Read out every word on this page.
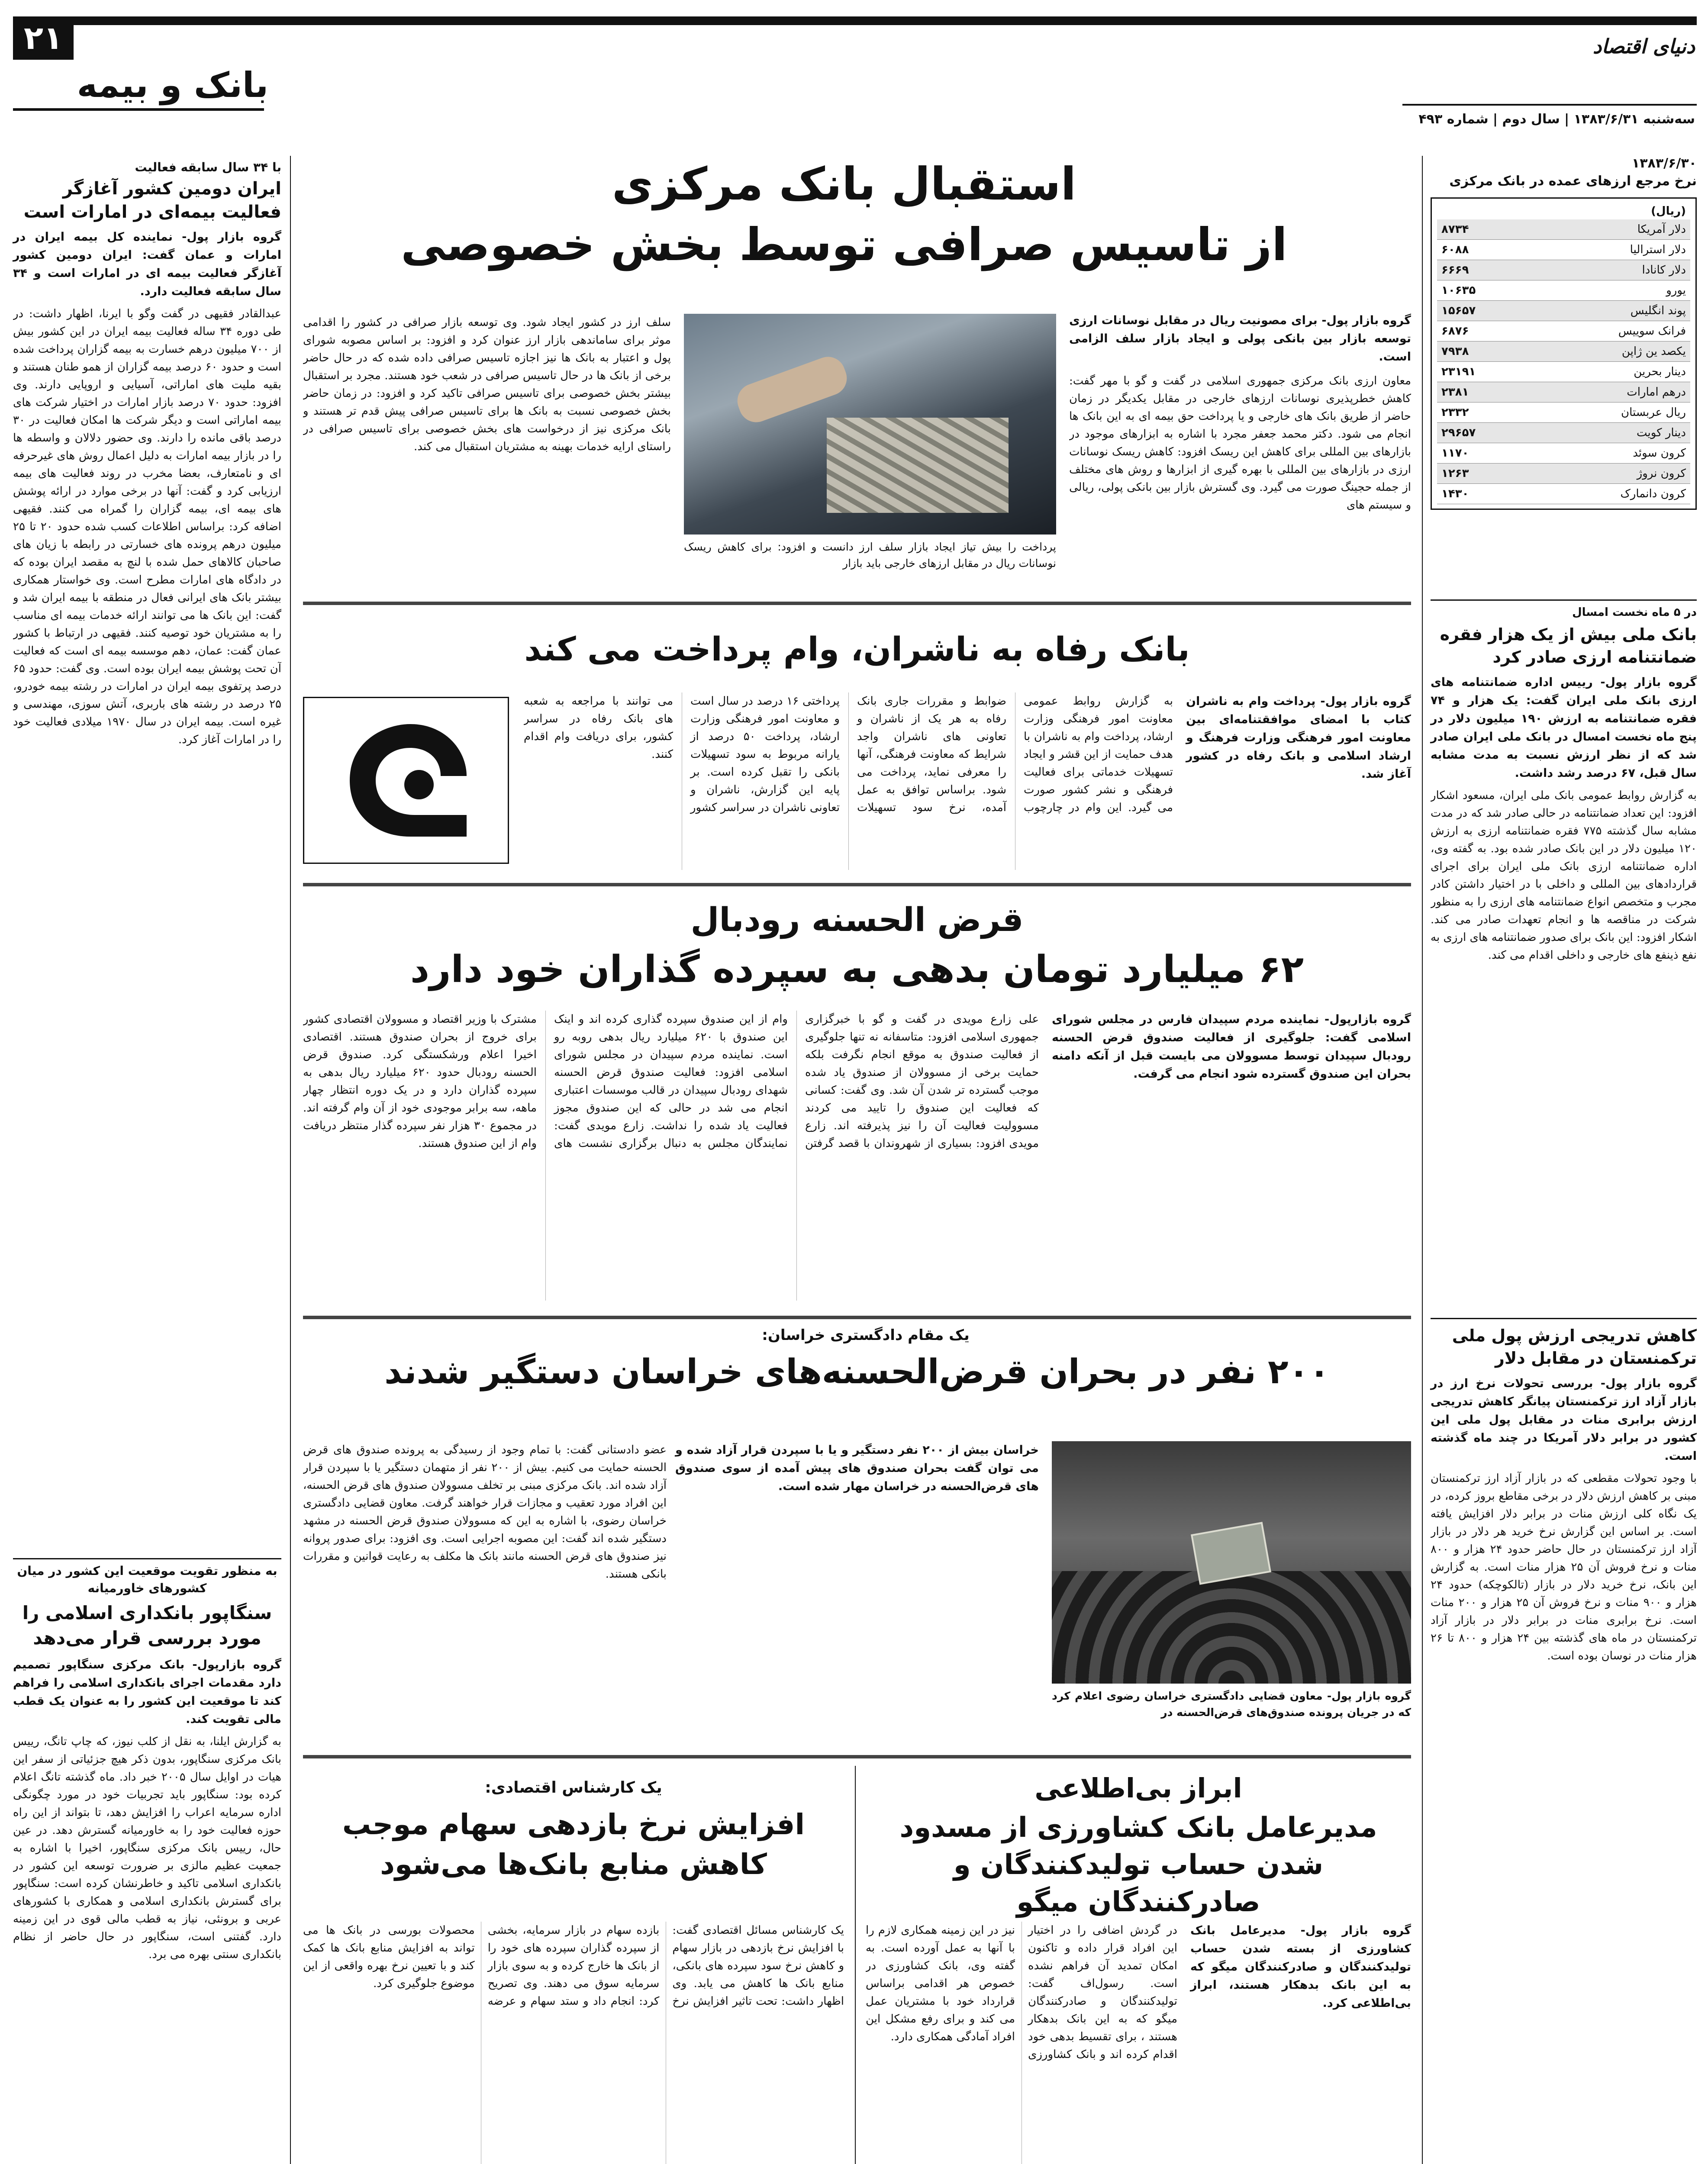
۲۱
بانک و بیمه
دنیای اقتصاد
سه‌شنبه ۱۳۸۳/۶/۳۱ | سال دوم | شماره ۴۹۳
۱۳۸۳/۶/۳۰
نرخ مرجع ارزهای عمده در بانک مرکزی
(ریال)
دلار آمریکا
۸۷۳۴
دلار استرالیا
۶۰۸۸
دلار کانادا
۶۶۶۹
یورو
۱۰۶۳۵
پوند انگلیس
۱۵۶۵۷
فرانک سوییس
۶۸۷۶
یکصد ین ژاپن
۷۹۳۸
دینار بحرین
۲۳۱۹۱
درهم امارات
۲۳۸۱
ریال عربستان
۲۳۳۲
دینار کویت
۲۹۶۵۷
کرون سوئد
۱۱۷۰
کرون نروژ
۱۲۶۳
کرون دانمارک
۱۴۳۰
در ۵ ماه نخست امسال
بانک ملی بیش از یک هزار فقره ضمانتنامه ارزی صادر کرد
گروه بازار پول- رییس اداره ضمانتنامه های ارزی بانک ملی ایران گفت: یک هزار و ۷۴ فقره ضمانتنامه به ارزش ۱۹۰ میلیون دلار در پنج ماه نخست امسال در بانک ملی ایران صادر شد که از نظر ارزش نسبت به مدت مشابه سال قبل، ۶۷ درصد رشد داشت.
به گزارش روابط عمومی بانک ملی ایران، مسعود اشکار افزود: این تعداد ضمانتنامه در حالی صادر شد که در مدت مشابه سال گذشته ۷۷۵ فقره ضمانتنامه ارزی به ارزش ۱۲۰ میلیون دلار در این بانک صادر شده بود. به گفته وی، اداره ضمانتنامه ارزی بانک ملی ایران برای اجرای قراردادهای بین المللی و داخلی با در اختیار داشتن کادر مجرب و متخصص انواع ضمانتنامه های ارزی را به منظور شرکت در مناقصه ها و انجام تعهدات صادر می کند. اشکار افزود: این بانک برای صدور ضمانتنامه های ارزی به نفع ذینفع های خارجی و داخلی اقدام می کند.
کاهش تدریجی ارزش پول ملی ترکمنستان در مقابل دلار
گروه بازار پول- بررسی تحولات نرخ ارز در بازار آزاد ارز ترکمنستان پیانگر کاهش تدریجی ارزش برابری منات در مقابل پول ملی این کشور در برابر دلار آمریکا در چند ماه گذشته است.
با وجود تحولات مقطعی که در بازار آزاد ارز ترکمنستان مبنی بر کاهش ارزش دلار در برخی مقاطع بروز کرده، در یک نگاه کلی ارزش منات در برابر دلار افزایش یافته است. بر اساس این گزارش نرخ خرید هر دلار در بازار آزاد ارز ترکمنستان در حال حاضر حدود ۲۴ هزار و ۸۰۰ منات و نرخ فروش آن ۲۵ هزار منات است. به گزارش این بانک، نرخ خرید دلار در بازار (تالکوچکه) حدود ۲۴ هزار و ۹۰۰ منات و نرخ فروش آن ۲۵ هزار و ۲۰۰ منات است. نرخ برابری منات در برابر دلار در بازار آزاد ترکمنستان در ماه های گذشته بین ۲۴ هزار و ۸۰۰ تا ۲۶ هزار منات در نوسان بوده است.
استقبال بانک مرکزی
از تاسیس صرافی توسط بخش خصوصی
گروه بازار پول- برای مصونیت ریال در مقابل نوسانات ارزی توسعه بازار بین بانکی پولی و ایجاد بازار سلف الزامی است.
معاون ارزی بانک مرکزی جمهوری اسلامی در گفت و گو با مهر گفت: کاهش خطرپذیری نوسانات ارزهای خارجی در مقابل یکدیگر در زمان حاضر از طریق بانک های خارجی و یا پرداخت حق بیمه ای به این بانک ها انجام می شود. دکتر محمد جعفر مجرد با اشاره به ابزارهای موجود در بازارهای بین المللی برای کاهش این ریسک افزود: کاهش ریسک نوسانات ارزی در بازارهای بین المللی با بهره گیری از ابزارها و روش های مختلف از جمله حجینگ صورت می گیرد. وی گسترش بازار بین بانکی پولی، ریالی و سیستم های
پرداخت را بیش تیاز ایجاد بازار سلف ارز دانست و افزود: برای کاهش ریسک نوسانات ریال در مقابل ارزهای خارجی باید بازار
سلف ارز در کشور ایجاد شود. وی توسعه بازار صرافی در کشور را اقدامی موثر برای ساماندهی بازار ارز عنوان کرد و افزود: بر اساس مصوبه شورای پول و اعتبار به بانک ها نیز اجازه تاسیس صرافی داده شده که در حال حاضر برخی از بانک ها در حال تاسیس صرافی در شعب خود هستند. مجرد بر استقبال بیشتر بخش خصوصی برای تاسیس صرافی تاکید کرد و افزود: در زمان حاضر بخش خصوصی نسبت به بانک ها برای تاسیس صرافی پیش قدم تر هستند و بانک مرکزی نیز از درخواست های بخش خصوصی برای تاسیس صرافی در راستای ارایه خدمات بهینه به مشتریان استقبال می کند.
بانک رفاه به ناشران، وام پرداخت می کند
گروه بازار پول- پرداخت وام به ناشران کتاب با امضای موافقتنامه‌ای بین معاونت امور فرهنگی وزارت فرهنگ و ارشاد اسلامی و بانک رفاه در کشور آغاز شد.
به گزارش روابط عمومی معاونت امور فرهنگی وزارت ارشاد، پرداخت وام به ناشران با هدف حمایت از این قشر و ایجاد تسهیلات خدماتی برای فعالیت فرهنگی و نشر کشور صورت می گیرد. این وام در چارچوب ضوابط و مقررات جاری بانک رفاه به هر یک از ناشران و تعاونی های ناشران واجد شرایط که معاونت فرهنگی، آنها را معرفی نماید، پرداخت می شود. براساس توافق به عمل آمده، نرخ سود تسهیلات پرداختی ۱۶ درصد در سال است و معاونت امور فرهنگی وزارت ارشاد، پرداخت ۵۰ درصد از یارانه مربوط به سود تسهیلات بانکی را تقبل کرده است. بر پایه این گزارش، ناشران و تعاونی ناشران در سراسر کشور می توانند با مراجعه به شعبه های بانک رفاه در سراسر کشور، برای دریافت وام اقدام کنند.
قرض الحسنه رودبال
۶۲ میلیارد تومان بدهی به سپرده گذاران خود دارد
گروه بازارپول- نماینده مردم سپیدان فارس در مجلس شورای اسلامی گفت: جلوگیری از فعالیت صندوق قرض الحسنه رودبال سپیدان توسط مسوولان می بایست قبل از آنکه دامنه بحران این صندوق گسترده شود انجام می گرفت.
علی زارع مویدی در گفت و گو با خبرگزاری جمهوری اسلامی افزود: متاسفانه نه تنها جلوگیری از فعالیت صندوق به موقع انجام نگرفت بلکه حمایت برخی از مسوولان از صندوق یاد شده موجب گسترده تر شدن آن شد. وی گفت: کسانی که فعالیت این صندوق را تایید می کردند مسوولیت فعالیت آن را نیز پذیرفته اند. زارع مویدی افزود: بسیاری از شهروندان با قصد گرفتن وام از این صندوق سپرده گذاری کرده اند و اینک این صندوق با ۶۲۰ میلیارد ریال بدهی روبه رو است. نماینده مردم سپیدان در مجلس شورای اسلامی افزود: فعالیت صندوق قرض الحسنه شهدای رودبال سپیدان در قالب موسسات اعتباری انجام می شد در حالی که این صندوق مجوز فعالیت یاد شده را نداشت. زارع مویدی گفت: نمایندگان مجلس به دنبال برگزاری نشست های مشترک با وزیر اقتصاد و مسوولان اقتصادی کشور برای خروج از بحران صندوق هستند. اقتصادی اخیرا اعلام ورشکستگی کرد. صندوق قرض الحسنه رودبال حدود ۶۲۰ میلیارد ریال بدهی به سپرده گذاران دارد و در یک دوره انتظار چهار ماهه، سه برابر موجودی خود از آن وام گرفته اند. در مجموع ۳۰ هزار نفر سپرده گذار منتظر دریافت وام از این صندوق هستند.
یک مقام دادگستری خراسان:
۲۰۰ نفر در بحران قرض‌الحسنه‌های خراسان دستگیر شدند
گروه بازار پول- معاون قضایی دادگستری خراسان رضوی اعلام کرد که در جریان پرونده صندوق‌های قرض‌الحسنه در
خراسان بیش از ۲۰۰ نفر دستگیر و یا با سپردن قرار آزاد شده و می توان گفت بحران صندوق های پیش آمده از سوی صندوق های قرض‌الحسنه در خراسان مهار شده است.
عضو دادستانی گفت: با تمام وجود از رسیدگی به پرونده صندوق های قرض الحسنه حمایت می کنیم. بیش از ۲۰۰ نفر از متهمان دستگیر یا با سپردن قرار آزاد شده اند. بانک مرکزی مبنی بر تخلف مسوولان صندوق های قرض الحسنه، این افراد مورد تعقیب و مجازات قرار خواهند گرفت. معاون قضایی دادگستری خراسان رضوی، با اشاره به این که مسوولان صندوق قرض الحسنه در مشهد دستگیر شده اند گفت: این مصوبه اجرایی است. وی افزود: برای صدور پروانه نیز صندوق های قرض الحسنه مانند بانک ها مکلف به رعایت قوانین و مقررات بانکی هستند.
ابراز بی‌اطلاعی
مدیرعامل بانک کشاورزی از مسدود شدن حساب تولیدکنندگان و صادرکنندگان میگو
گروه بازار پول- مدیرعامل بانک کشاورزی از بسته شدن حساب تولیدکنندگان و صادرکنندگان میگو که به این بانک بدهکار هستند، ابراز بی‌اطلاعی کرد.
در گردش اضافی را در اختیار این افراد قرار داده و تاکنون امکان تمدید آن فراهم نشده است. رسول‌اف گفت: تولیدکنندگان و صادرکنندگان میگو که به این بانک بدهکار هستند ، برای تقسیط بدهی خود اقدام کرده اند و بانک کشاورزی نیز در این زمینه همکاری لازم را با آنها به عمل آورده است. به گفته وی، بانک کشاورزی در خصوص هر اقدامی براساس قرارداد خود با مشتریان عمل می کند و برای رفع مشکل این افراد آمادگی همکاری دارد.
یک کارشناس اقتصادی:
افزایش نرخ بازدهی سهام موجب کاهش منابع بانک‌ها می‌شود
یک کارشناس مسائل اقتصادی گفت: با افزایش نرخ بازدهی در بازار سهام و کاهش نرخ سود سپرده های بانکی، منابع بانک ها کاهش می یابد. وی اظهار داشت: تحت تاثیر افزایش نرخ بازده سهام در بازار سرمایه، بخشی از سپرده گذاران سپرده های خود را از بانک ها خارج کرده و به سوی بازار سرمایه سوق می دهند. وی تصریح کرد: انجام داد و ستد سهام و عرضه محصولات بورسی در بانک ها می تواند به افزایش منابع بانک ها کمک کند و با تعیین نرخ بهره واقعی از این موضوع جلوگیری کرد.
با ۳۴ سال سابقه فعالیت
ایران دومین کشور آغازگر فعالیت بیمه‌ای در امارات است
گروه بازار پول- نماینده کل بیمه ایران در امارات و عمان گفت: ایران دومین کشور آغازگر فعالیت بیمه ای در امارات است و ۳۴ سال سابقه فعالیت دارد.
عبدالقادر فقیهی در گفت وگو با ایرنا، اظهار داشت: در طی دوره ۳۴ ساله فعالیت بیمه ایران در این کشور بیش از ۷۰۰ میلیون درهم خسارت به بیمه گزاران پرداخت شده است و حدود ۶۰ درصد بیمه گزاران از همو طنان هستند و بقیه ملیت های اماراتی، آسیایی و اروپایی دارند. وی افزود: حدود ۷۰ درصد بازار امارات در اختیار شرکت های بیمه اماراتی است و دیگر شرکت ها امکان فعالیت در ۳۰ درصد باقی مانده را دارند. وی حضور دلالان و واسطه ها را در بازار بیمه امارات به دلیل اعمال روش های غیرحرفه ای و نامتعارف، بعضا مخرب در روند فعالیت های بیمه ارزیابی کرد و گفت: آنها در برخی موارد در ارائه پوشش های بیمه ای، بیمه گزاران را گمراه می کنند. فقیهی اضافه کرد: براساس اطلاعات کسب شده حدود ۲۰ تا ۲۵ میلیون درهم پرونده های خسارتی در رابطه با زیان های صاحبان کالاهای حمل شده با لنچ به مقصد ایران بوده که در دادگاه های امارات مطرح است. وی خواستار همکاری بیشتر بانک های ایرانی فعال در منطقه با بیمه ایران شد و گفت: این بانک ها می توانند ارائه خدمات بیمه ای مناسب را به مشتریان خود توصیه کنند. فقیهی در ارتباط با کشور عمان گفت: عمان، دهم موسسه بیمه ای است که فعالیت آن تحت پوشش بیمه ایران بوده است. وی گفت: حدود ۶۵ درصد پرتفوی بیمه ایران در امارات در رشته بیمه خودرو، ۲۵ درصد در رشته های باربری، آتش سوزی، مهندسی و غیره است. بیمه ایران در سال ۱۹۷۰ میلادی فعالیت خود را در امارات آغاز کرد.
به منظور تقویت موقعیت این کشور در میان کشورهای خاورمیانه
سنگاپور بانکداری اسلامی را مورد بررسی قرار می‌دهد
گروه بازارپول- بانک مرکزی سنگاپور تصمیم دارد مقدمات اجرای بانکداری اسلامی را فراهم کند تا موقعیت این کشور را به عنوان یک قطب مالی تقویت کند.
به گزارش ایلنا، به نقل از کلب نیوز، که چاپ تانگ، رییس بانک مرکزی سنگاپور، بدون ذکر هیچ جزئیاتی از سفر این هیات در اوایل سال ۲۰۰۵ خبر داد. ماه گذشته تانگ اعلام کرده بود: سنگاپور باید تجربیات خود در مورد چگونگی اداره سرمایه اعراب را افزایش دهد، تا بتواند از این راه حوزه فعالیت خود را به خاورمیانه گسترش دهد. در عین حال، رییس بانک مرکزی سنگاپور، اخیرا با اشاره به جمعیت عظیم مالزی بر ضرورت توسعه این کشور در بانکداری اسلامی تاکید و خاطرنشان کرده است: سنگاپور برای گسترش بانکداری اسلامی و همکاری با کشورهای عربی و برونئی، نیاز به قطب مالی قوی در این زمینه دارد. گفتنی است، سنگاپور در حال حاضر از نظام بانکداری سنتی بهره می برد.
